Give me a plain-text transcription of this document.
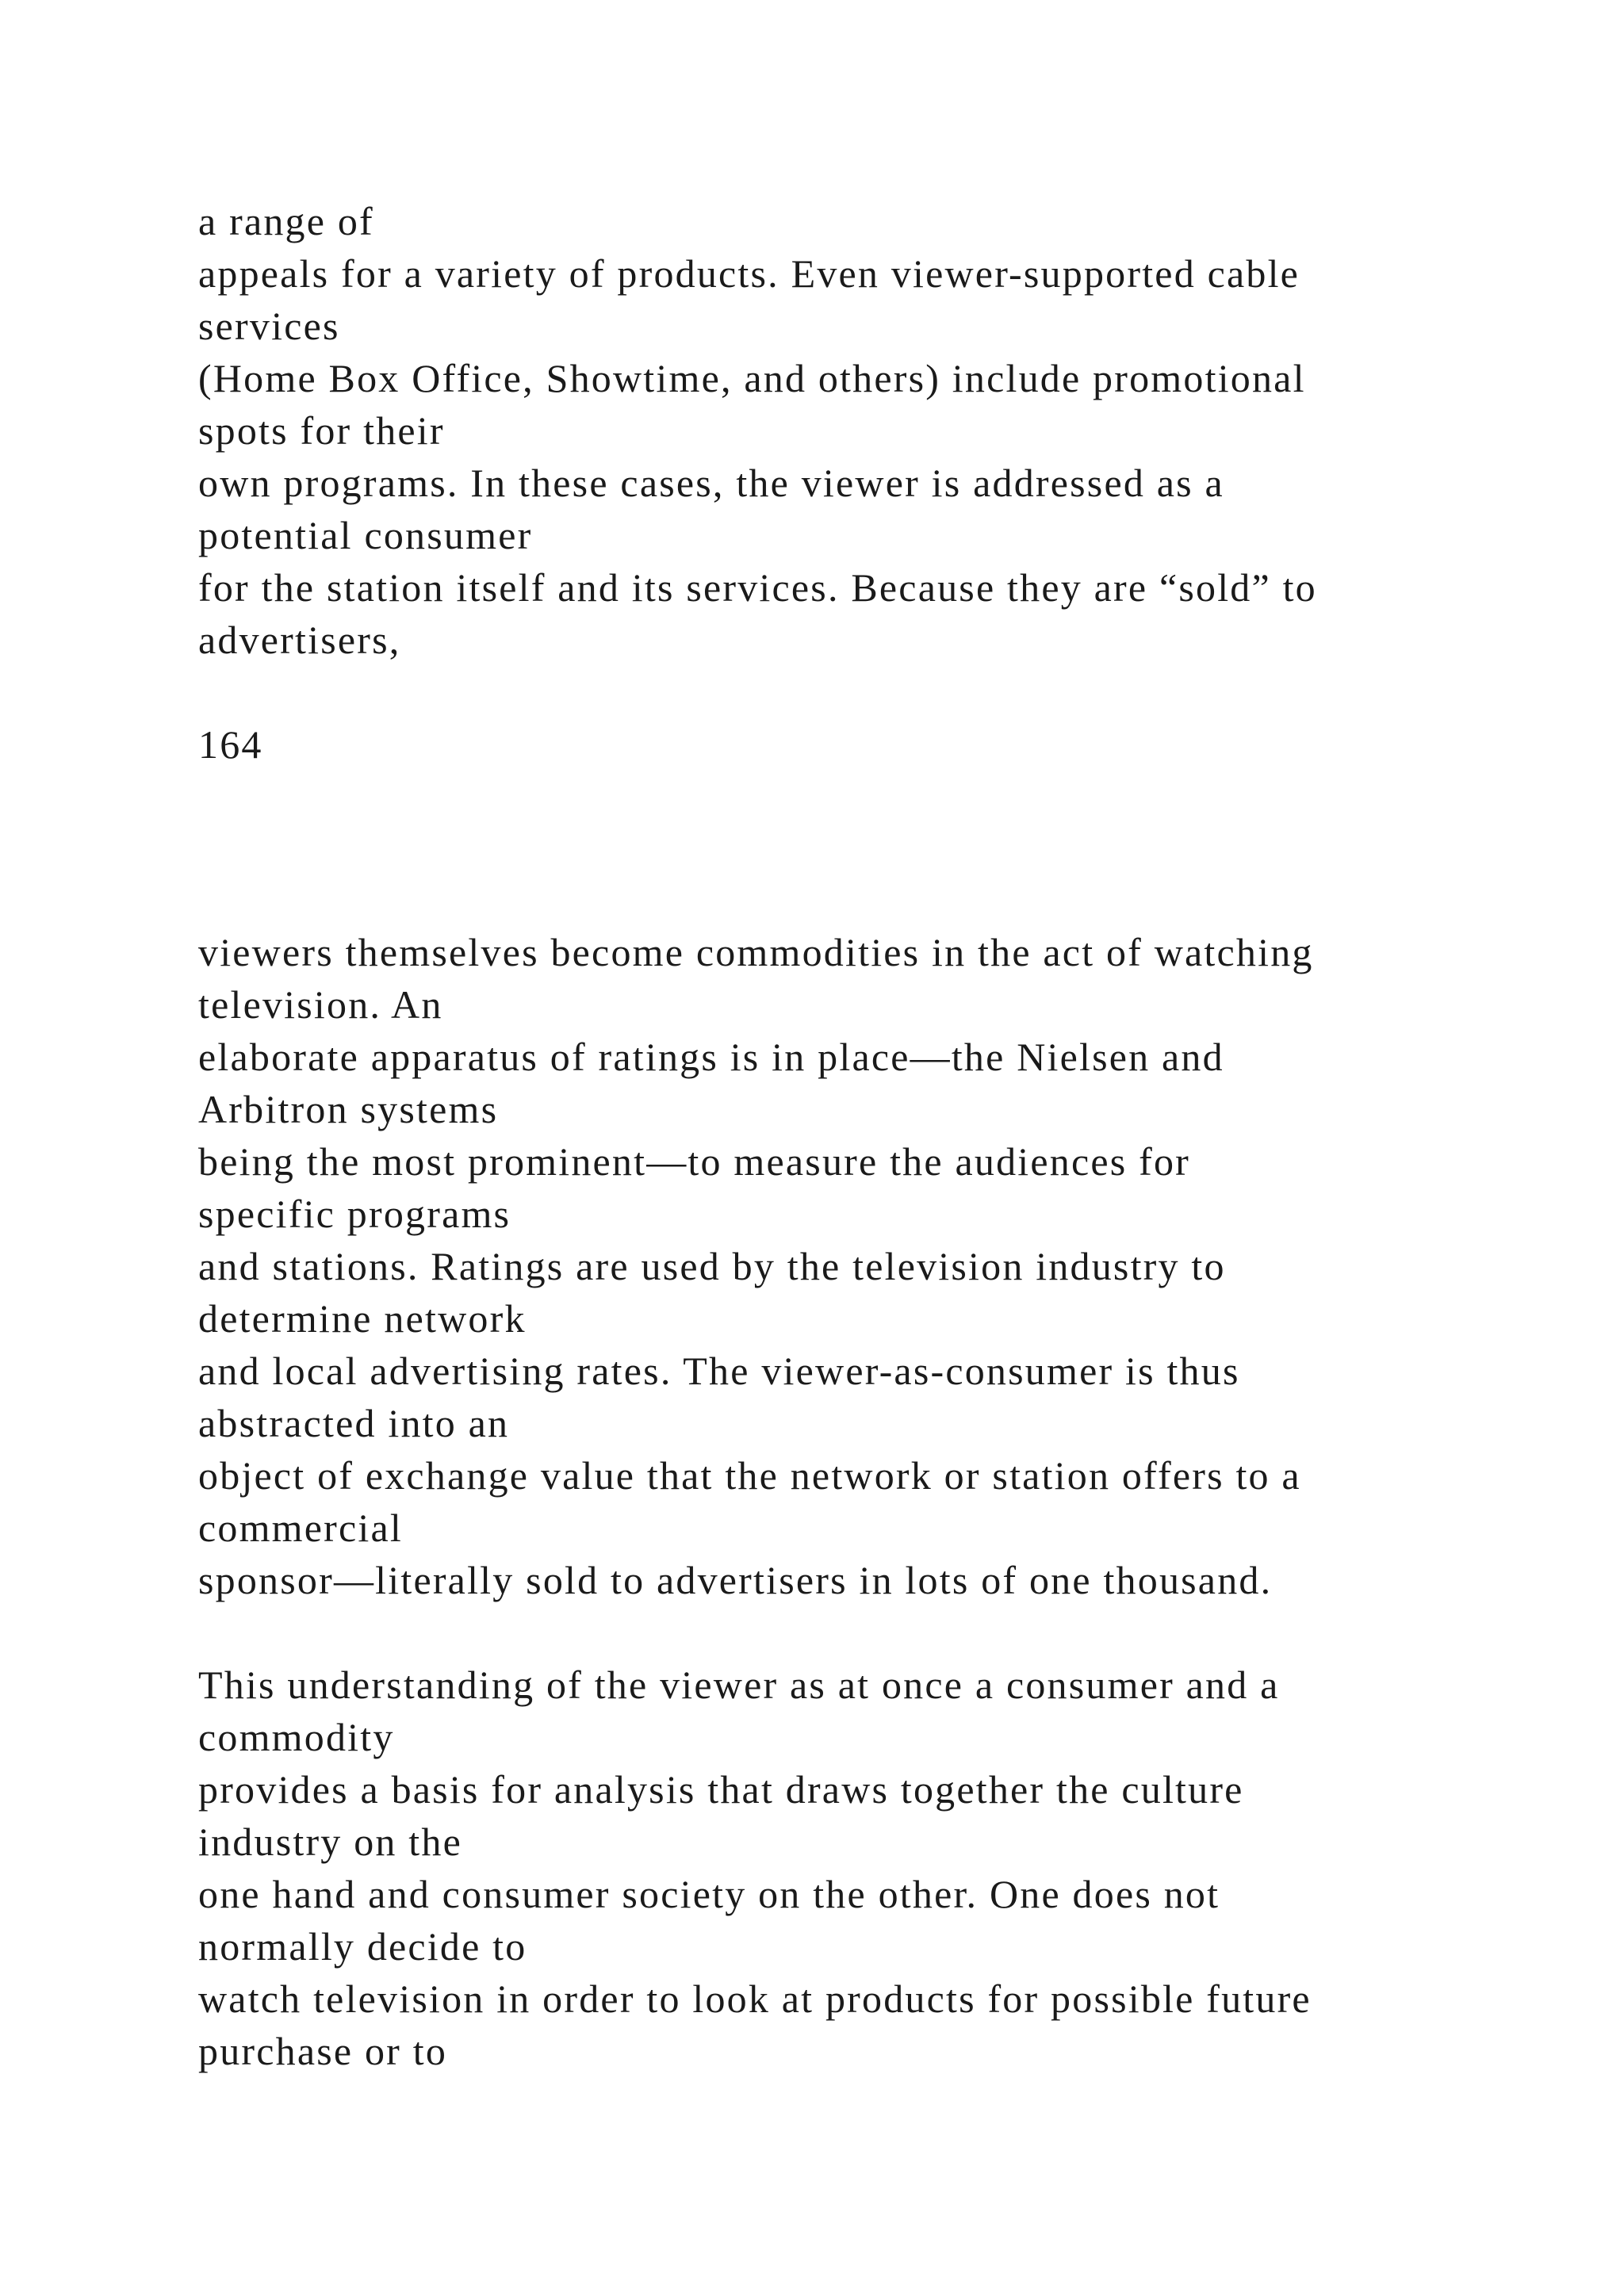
a range of
appeals for a variety of products. Even viewer-supported cable
services
(Home Box Office, Showtime, and others) include promotional
spots for their
own programs. In these cases, the viewer is addressed as a
potential consumer
for the station itself and its services. Because they are “sold” to
advertisers,
164
viewers themselves become commodities in the act of watching
television. An
elaborate apparatus of ratings is in place—the Nielsen and
Arbitron systems
being the most prominent—to measure the audiences for
specific programs
and stations. Ratings are used by the television industry to
determine network
and local advertising rates. The viewer-as-consumer is thus
abstracted into an
object of exchange value that the network or station offers to a
commercial
sponsor—literally sold to advertisers in lots of one thousand.
This understanding of the viewer as at once a consumer and a
commodity
provides a basis for analysis that draws together the culture
industry on the
one hand and consumer society on the other. One does not
normally decide to
watch television in order to look at products for possible future
purchase or to
